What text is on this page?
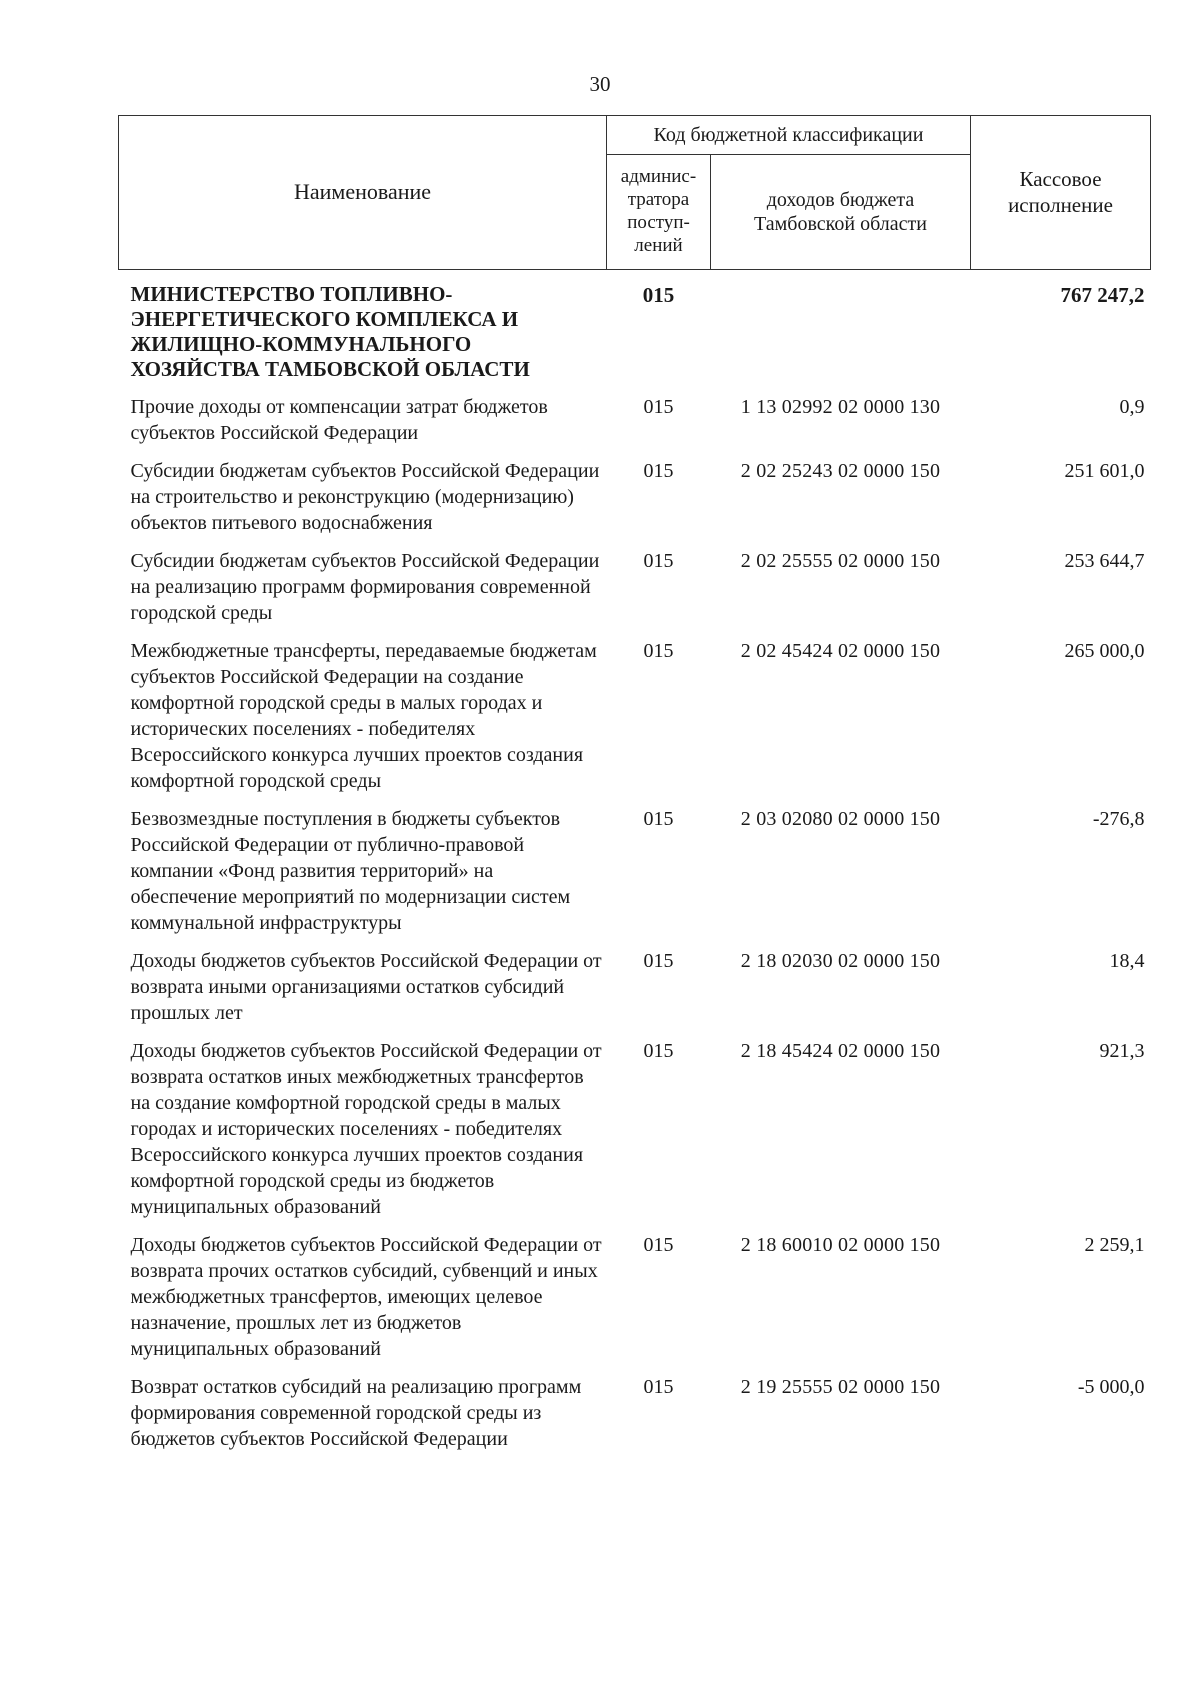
30
Наименование	Код бюджетной классификации		Кассовое исполнение
	админис-тратора поступ-лений	доходов бюджета Тамбовской области	
МИНИСТЕРСТВО ТОПЛИВНО-ЭНЕРГЕТИЧЕСКОГО КОМПЛЕКСА И ЖИЛИЩНО-КОММУНАЛЬНОГО ХОЗЯЙСТВА ТАМБОВСКОЙ ОБЛАСТИ	015		767 247,2
Прочие доходы от компенсации затрат бюджетов субъектов Российской Федерации	015	1 13 02992 02 0000 130	0,9
Субсидии бюджетам субъектов Российской Федерации на строительство и реконструкцию (модернизацию) объектов питьевого водоснабжения	015	2 02 25243 02 0000 150	251 601,0
Субсидии бюджетам субъектов Российской Федерации на реализацию программ формирования современной городской среды	015	2 02 25555 02 0000 150	253 644,7
Межбюджетные трансферты, передаваемые бюджетам субъектов Российской Федерации на создание комфортной городской среды в малых городах и исторических поселениях - победителях Всероссийского конкурса лучших проектов создания комфортной городской среды	015	2 02 45424 02 0000 150	265 000,0
Безвозмездные поступления в бюджеты субъектов Российской Федерации от публично-правовой компании «Фонд развития территорий» на обеспечение мероприятий по модернизации систем коммунальной инфраструктуры	015	2 03 02080 02 0000 150	-276,8
Доходы бюджетов субъектов Российской Федерации от возврата иными организациями остатков субсидий прошлых лет	015	2 18 02030 02 0000 150	18,4
Доходы бюджетов субъектов Российской Федерации от возврата остатков иных межбюджетных трансфертов на создание комфортной городской среды в малых городах и исторических поселениях - победителях Всероссийского конкурса лучших проектов создания комфортной городской среды из бюджетов муниципальных образований	015	2 18 45424 02 0000 150	921,3
Доходы бюджетов субъектов Российской Федерации от возврата прочих остатков субсидий, субвенций и иных межбюджетных трансфертов, имеющих целевое назначение, прошлых лет из бюджетов муниципальных образований	015	2 18 60010 02 0000 150	2 259,1
Возврат остатков субсидий на реализацию программ формирования современной городской среды из бюджетов субъектов Российской Федерации	015	2 19 25555 02 0000 150	-5 000,0
